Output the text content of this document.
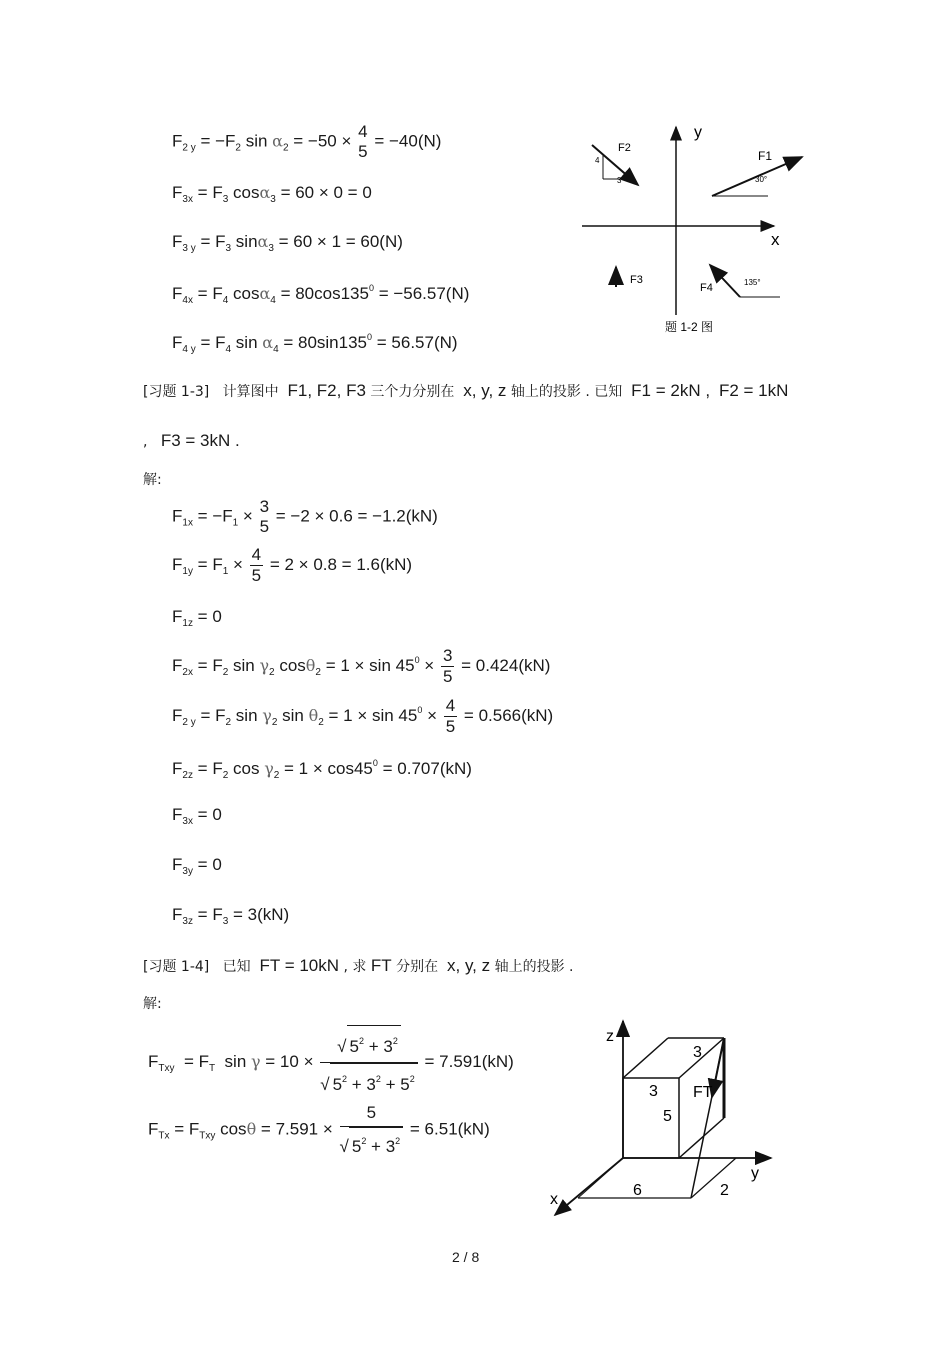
$F_{2 y} = -F_2$ $\sin \alpha_2 = -50 \times 4$
5
= −40(N)
$F_{3x} = F_3$ cosα$_3$ = 60 × 0 = 0
$F_{3 y} = F_3$ sinα$_3$ = 60 × 1 = 60(N)
$F_{4x} = F_4$ $\cos\alpha_4 = 80\cos 135^0 = -56.57(N)$
$F_{4 y} = F_4$ $\sin \alpha_4 = 80\sin 135^0 = 56.57(N)$
y
x
F2
4
3
F1
30°
F3
F4	135°
题 1-2 图
[习题 1-3] 计算图中 F1, F2, F3 三个力分别在 x, y, z 轴上的投影 . 已知 F1 = 2kN , F2 = 1kN
, F3 = 3kN .
解:
$F_{1x} = -F_1 \times 3$
5
= −2 × 0.6 = −1.2(kN)
$F_{1y} = F_1 \times \frac{4}{5} = 2 \times 0.8 = 1.6(kN)$
$F_{1z} = 0$
$F_{2x} = F_2$ $\sin \gamma_2$ $\cos\theta_2 = 1 \times \sin 45^0 \times \frac{3}{5} = 0.424(kN)$
$F_{2 y} = F_2$ $\sin \gamma_2$ $\sin \theta_2 = 1 \times \sin 45^0 \times \frac{4}{5} = 0.566(kN)$
$F_{2z} = F_2$ $\cos \gamma_2 = 1 \times \cos 45^0 = 0.707(kN)$
$F_{3x} = 0$
$F_{3y} = 0$
$F_{3z} = F_3 = 3(kN)$
[习题 1-4] 已知 FT = 10kN , 求 FT 分别在 x, y, z 轴上的投影 .
解:
$F_{Txy} = F_T$  $\sin \gamma = 10 \times \frac{√ 5^2 + 3^2}{√ 5^2 + 3^2 + 5^2} = 7.591(kN)$
$F_{Tx} = F_{Txy}$ $\cos\theta = 7.591 \times \frac{5}{√ 5^2 + 3^2} = 6.51(kN)$
z
y
x
3
3
5
FT
6	2
2 / 8
